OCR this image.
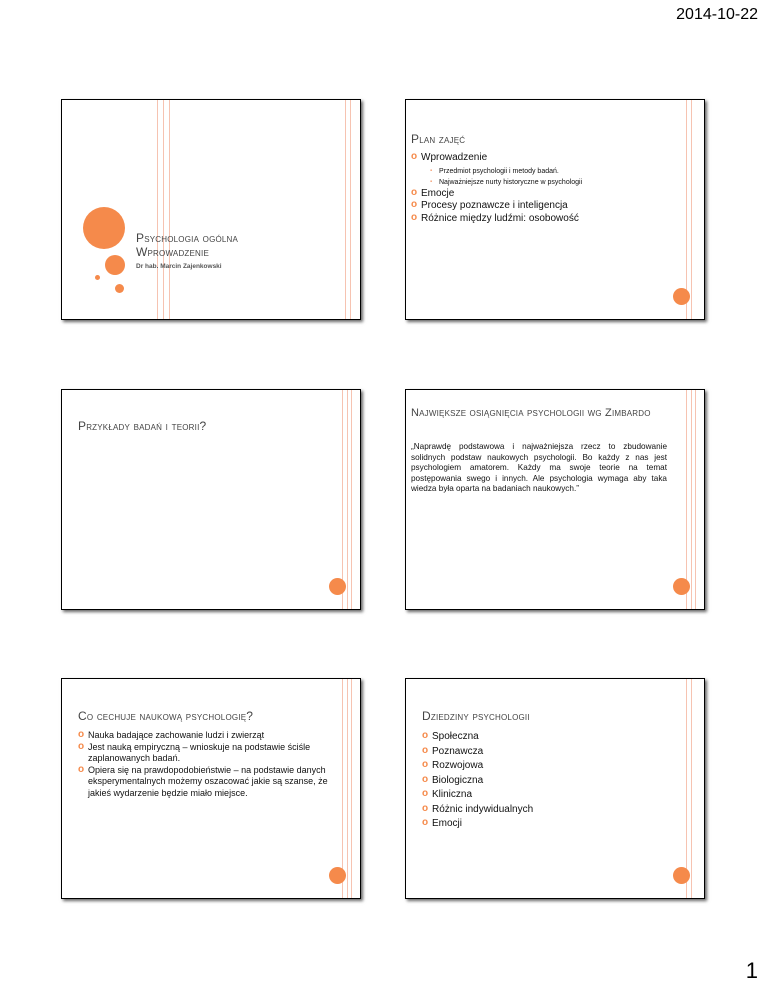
2014-10-22
Psychologia ogólna
Wprowadzenie
Dr hab. Marcin Zajenkowski
Plan zajęć
o Wprowadzenie
▪ Przedmiot psychologii i metody badań.
▪ Najważniejsze nurty historyczne w psychologii
o Emocje
o Procesy poznawcze i inteligencja
o Różnice między ludźmi: osobowość
Przykłady badań i teorii?
Największe osiągnięcia psychologii wg Zimbardo
„Naprawdę podstawowa i najważniejsza rzecz to zbudowanie solidnych podstaw naukowych psychologii. Bo każdy z nas jest psychologiem amatorem. Każdy ma swoje teorie na temat postępowania swego i innych. Ale psychologia wymaga aby taka wiedza była oparta na badaniach naukowych.”
Co cechuje naukową psychologię?
o Nauka badające zachowanie ludzi i zwierząt
o Jest nauką empiryczną – wnioskuje na podstawie ściśle zaplanowanych badań.
o Opiera się na prawdopodobieństwie – na podstawie danych eksperymentalnych możemy oszacować jakie są szanse, że jakieś wydarzenie będzie miało miejsce.
Dziedziny psychologii
o Społeczna
o Poznawcza
o Rozwojowa
o Biologiczna
o Kliniczna
o Różnic indywidualnych
o Emocji
1
